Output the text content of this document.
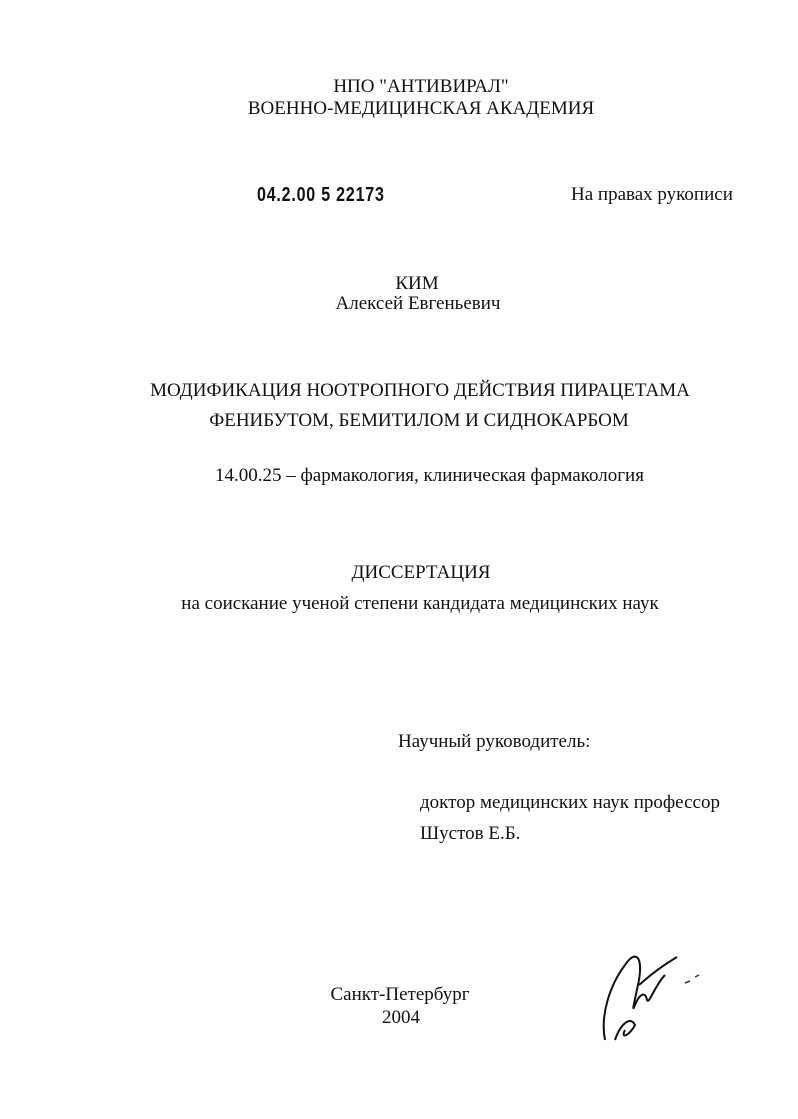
НПО "АНТИВИРАЛ"
ВОЕННО-МЕДИЦИНСКАЯ АКАДЕМИЯ
04.2.00 5 22173	На правах рукописи
КИМ
Алексей Евгеньевич
МОДИФИКАЦИЯ НООТРОПНОГО ДЕЙСТВИЯ ПИРАЦЕТАМА
ФЕНИБУТОМ, БЕМИТИЛОМ И СИДНОКАРБОМ
14.00.25 – фармакология, клиническая фармакология
ДИССЕРТАЦИЯ
на соискание ученой степени кандидата медицинских наук
Научный руководитель:
доктор медицинских наук профессор
Шустов Е.Б.
Санкт-Петербург
2004
